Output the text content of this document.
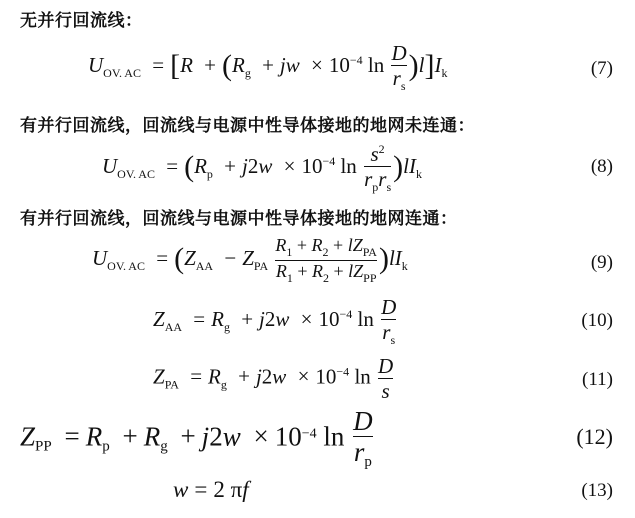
无并行回流线：
$U_{OV. AC} = [R + (R_g$ + jw × $10^{-4}$ $\ln \frac{D}{r_s} )l]I_k$	(7)
有并行回流线，回流线与电源中性导体接地的地网未连通：
$U_{OV. AC} = (R_p + j2w \times 10^{-4}$ $\ln \frac{s^2}{r_pr_s} )lI_k$	(8)
有并行回流线，回流线与电源中性导体接地的地网连通：
$U_{OV. AC} = (Z_{AA} - Z_{PA} \frac{R_1 + R_2 + lZ_{PA}}{R_1 + R_2 + lZ_{PP}} )lI_k$	(9)
$Z_{AA} = R_g + j2w \times 10^{-4}$ $\ln \frac{D}{r_s}$	(10)
$Z_{PA} = R_g + j2w \times 10^{-4}$ $\ln \frac{D}{s}$	(11)
$Z_{PP} = R_p + R_g + j2w \times 10^{-4}$ $\ln \frac{D}{r_p}$	(12)
w = 2 πf	(13)
